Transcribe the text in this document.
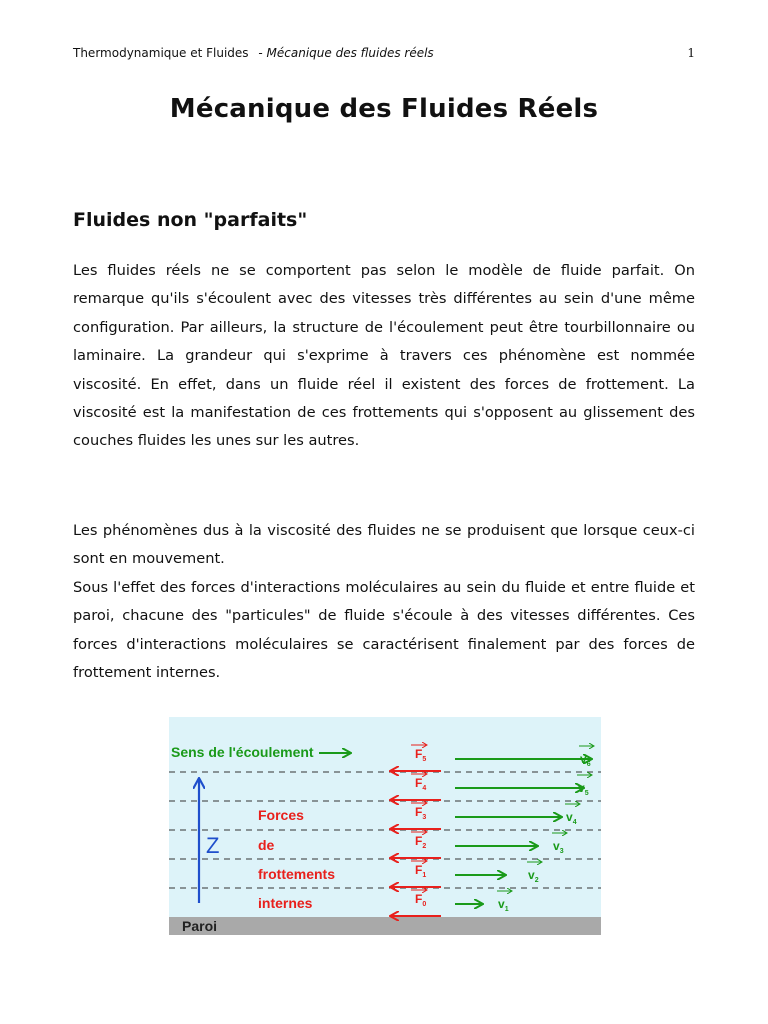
Thermodynamique et Fluides - Mécanique des fluides réels	1
Mécanique des Fluides Réels
Fluides non "parfaits"

Les fluides réels ne se comportent pas selon le modèle de fluide parfait. On remarque qu'ils s'écoulent avec des vitesses très différentes au sein d'une même configuration. Par ailleurs, la structure de l'écoulement peut être tourbillonnaire ou laminaire. La grandeur qui s'exprime à travers ces phénomène est nommée viscosité. En effet, dans un fluide réel il existent des forces de frottement. La viscosité est la manifestation de ces frottements qui s'opposent au glissement des couches fluides les unes sur les autres.

Les phénomènes dus à la viscosité des fluides ne se produisent que lorsque ceux-ci sont en mouvement.

Sous l'effet des forces d'interactions moléculaires au sein du fluide et entre fluide et paroi, chacune des "particules" de fluide s'écoule à des vitesses différentes. Ces forces d'interactions moléculaires se caractérisent finalement par des forces de frottement internes.

Paroi
Sens de l'écoulement
Z
Forces
de
frottements
internes
$v_6$
$F_5$
$v_5$
$F_4$
$v_4$
$F_3$
$v_3$
$F_2$
$v_2$
$F_1$
$v_1$
$F_0$
